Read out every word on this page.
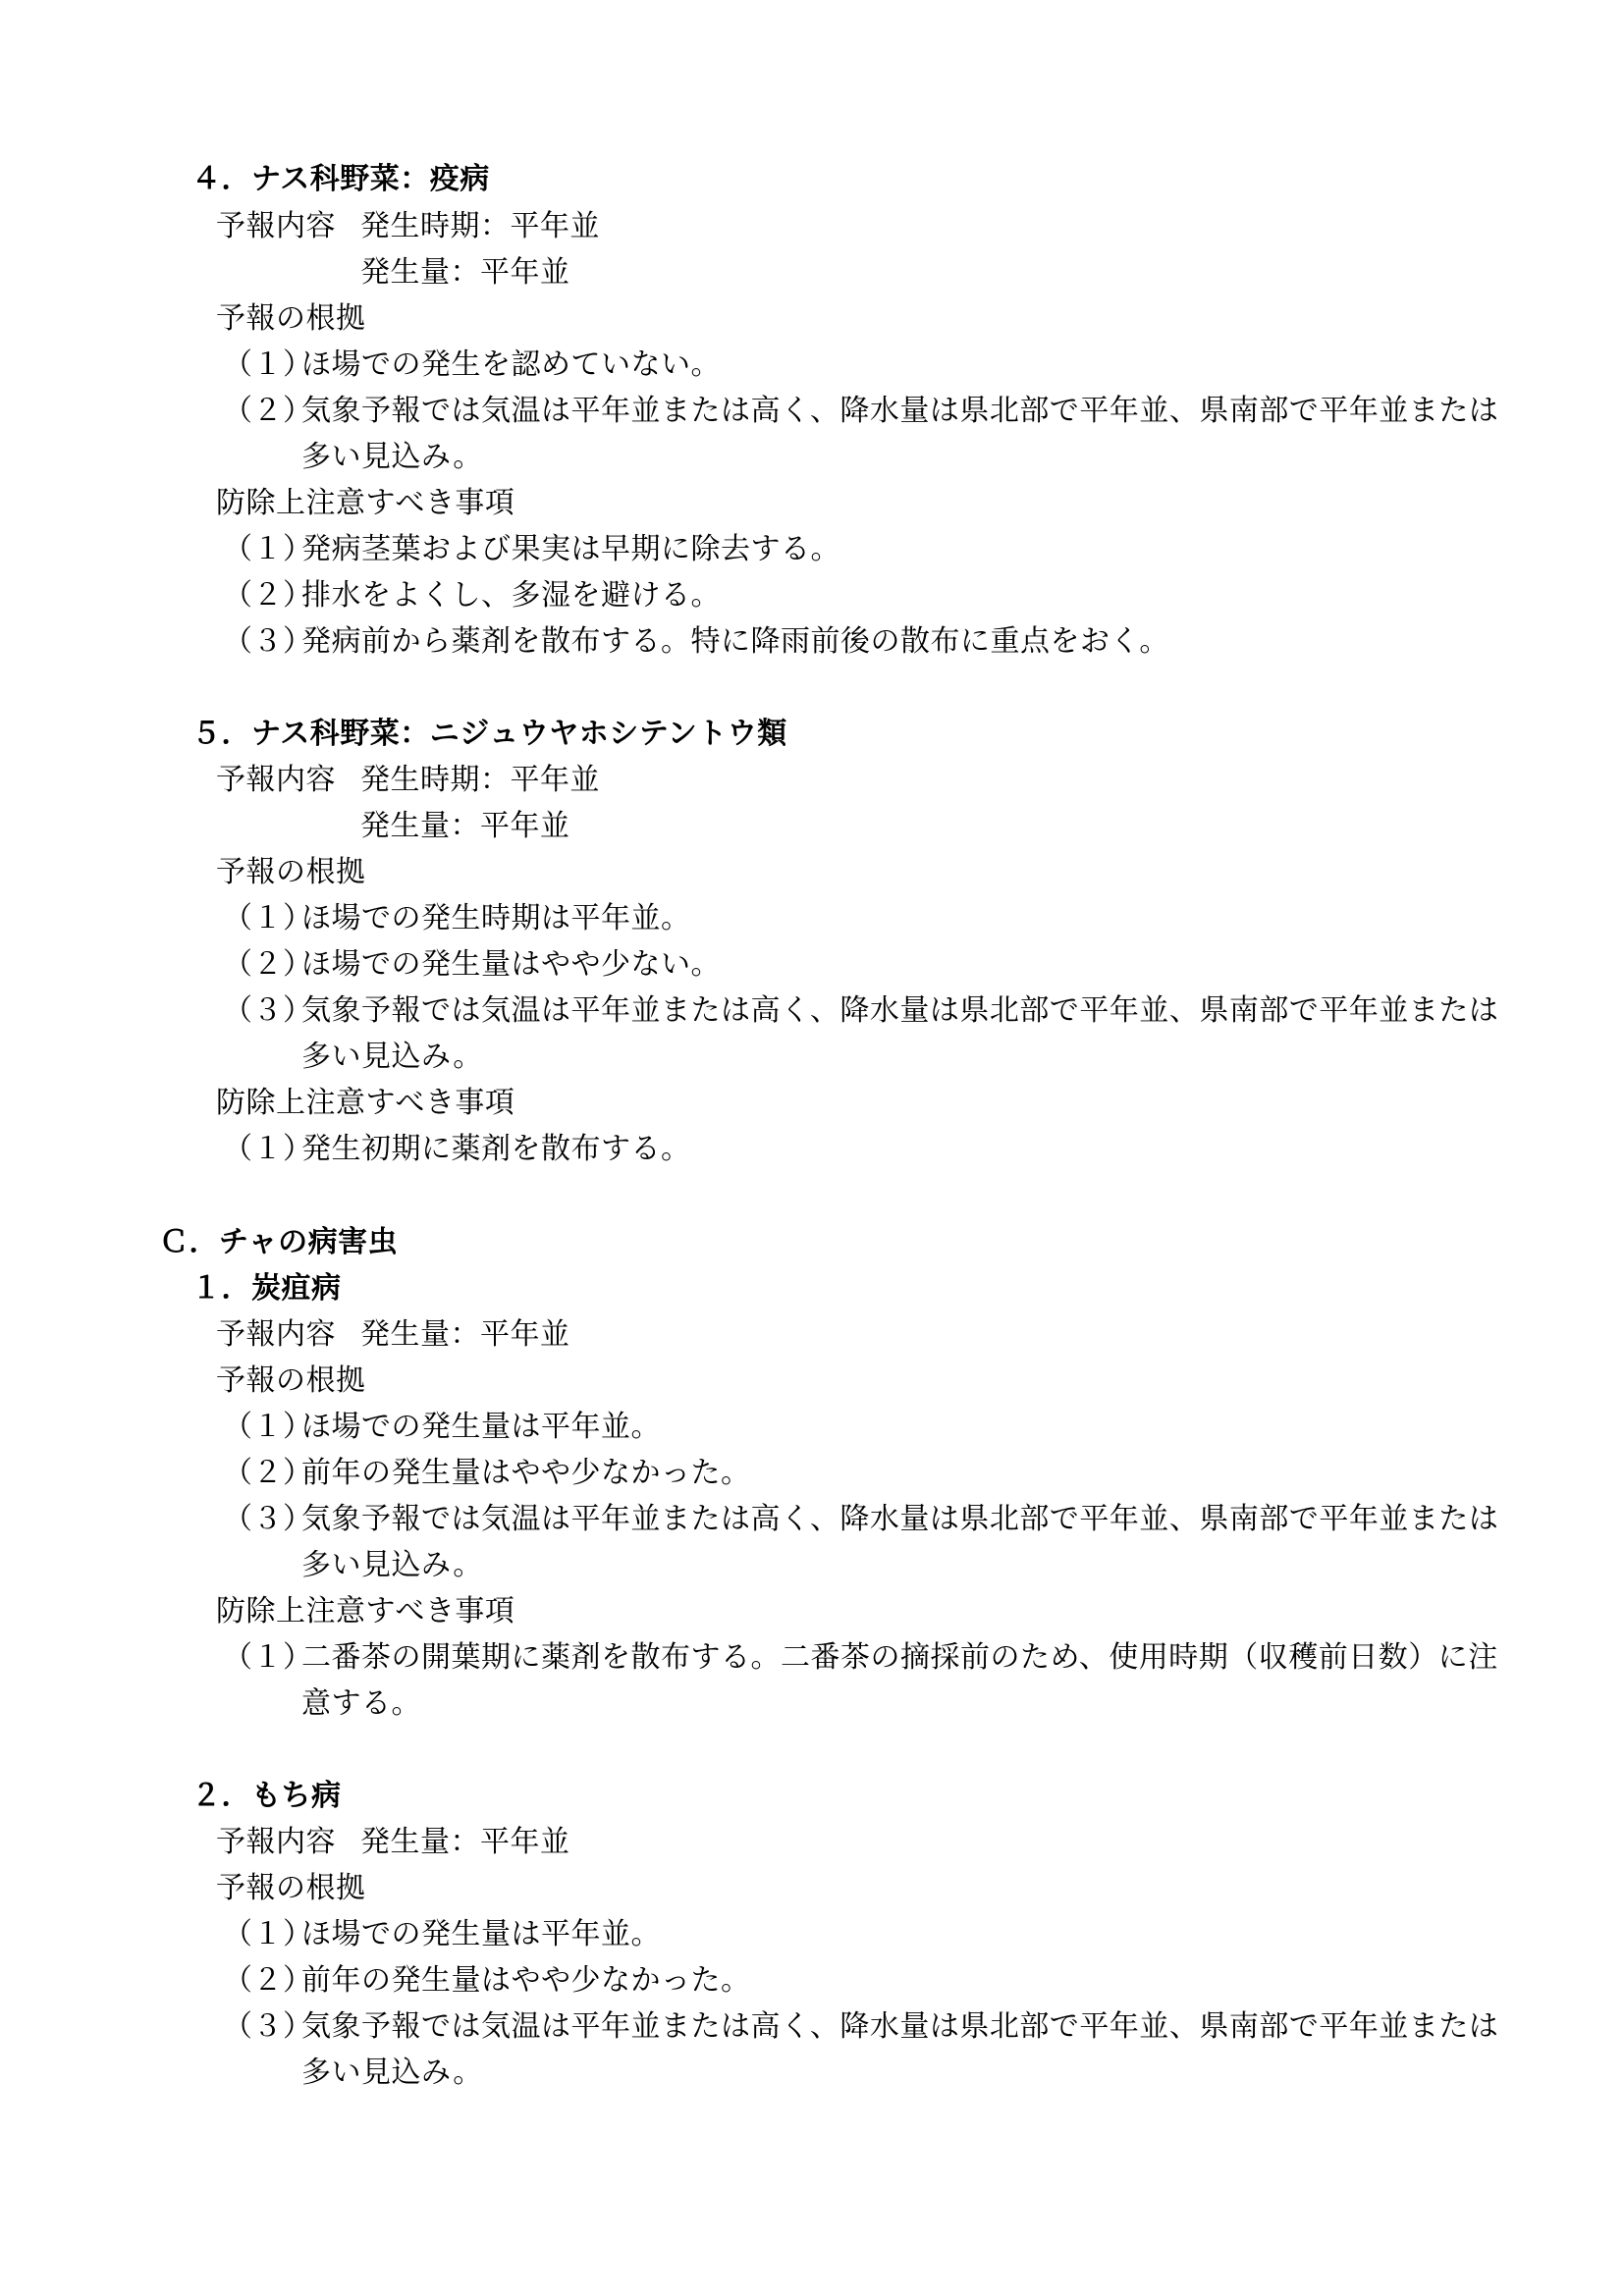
４．ナス科野菜：疫病
予報内容 発生時期：平年並
発生量：平年並
予報の根拠
（１）
ほ場での発生を認めていない。
（２）
気象予報では気温は平年並または高く、降水量は県北部で平年並、県南部で平年並または
多い見込み。
防除上注意すべき事項
（１）
発病茎葉および果実は早期に除去する。
（２）
排水をよくし、多湿を避ける。
（３）
発病前から薬剤を散布する。特に降雨前後の散布に重点をおく。
５．ナス科野菜：ニジュウヤホシテントウ類
予報内容 発生時期：平年並
発生量：平年並
予報の根拠
（１）
ほ場での発生時期は平年並。
（２）
ほ場での発生量はやや少ない。
（３）
気象予報では気温は平年並または高く、降水量は県北部で平年並、県南部で平年並または
多い見込み。
防除上注意すべき事項
（１）
発生初期に薬剤を散布する。
Ｃ．チャの病害虫
１．炭疽病
予報内容 発生量：平年並
予報の根拠
（１）
ほ場での発生量は平年並。
（２）
前年の発生量はやや少なかった。
（３）
気象予報では気温は平年並または高く、降水量は県北部で平年並、県南部で平年並または
多い見込み。
防除上注意すべき事項
（１）
二番茶の開葉期に薬剤を散布する。二番茶の摘採前のため、使用時期（収穫前日数）に注
意する。
２．もち病
予報内容 発生量：平年並
予報の根拠
（１）
ほ場での発生量は平年並。
（２）
前年の発生量はやや少なかった。
（３）
気象予報では気温は平年並または高く、降水量は県北部で平年並、県南部で平年並または
多い見込み。
